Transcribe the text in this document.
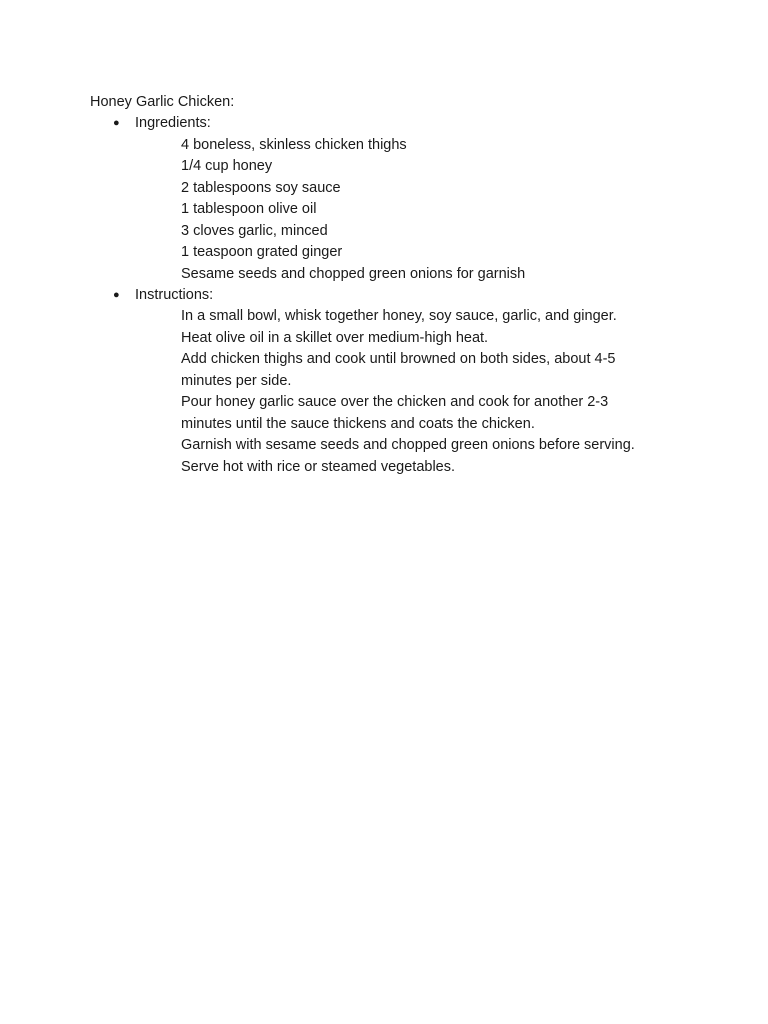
Honey Garlic Chicken:
● Ingredients:
4 boneless, skinless chicken thighs
1/4 cup honey
2 tablespoons soy sauce
1 tablespoon olive oil
3 cloves garlic, minced
1 teaspoon grated ginger
Sesame seeds and chopped green onions for garnish
● Instructions:
In a small bowl, whisk together honey, soy sauce, garlic, and ginger.
Heat olive oil in a skillet over medium-high heat.
Add chicken thighs and cook until browned on both sides, about 4-5 minutes per side.
Pour honey garlic sauce over the chicken and cook for another 2-3 minutes until the sauce thickens and coats the chicken.
Garnish with sesame seeds and chopped green onions before serving.
Serve hot with rice or steamed vegetables.
